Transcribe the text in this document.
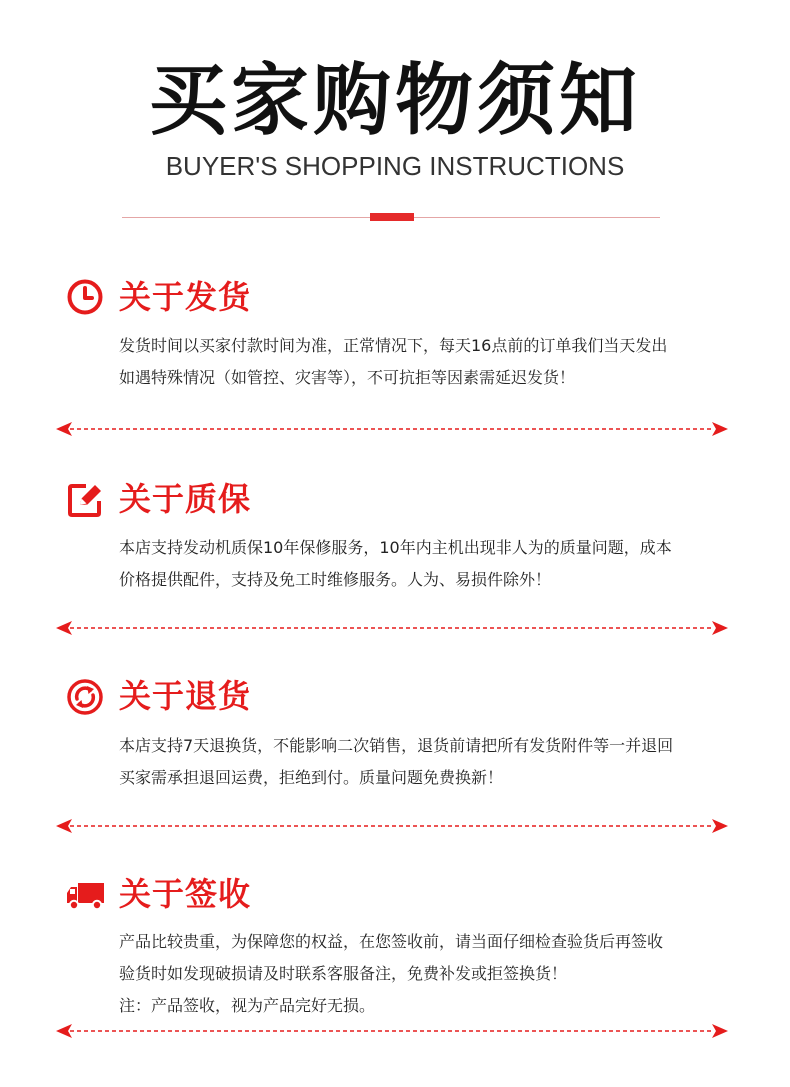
买家购物须知
BUYER'S SHOPPING INSTRUCTIONS
关于发货

发货时间以买家付款时间为准，正常情况下，每天16点前的订单我们当天发出

如遇特殊情况（如管控、灾害等），不可抗拒等因素需延迟发货！

关于质保

本店支持发动机质保10年保修服务，10年内主机出现非人为的质量问题，成本

价格提供配件，支持及免工时维修服务。人为、易损件除外！

关于退货

本店支持7天退换货，不能影响二次销售，退货前请把所有发货附件等一并退回

买家需承担退回运费，拒绝到付。质量问题免费换新！

关于签收

产品比较贵重，为保障您的权益，在您签收前，请当面仔细检查验货后再签收

验货时如发现破损请及时联系客服备注，免费补发或拒签换货！

注：产品签收，视为产品完好无损。
